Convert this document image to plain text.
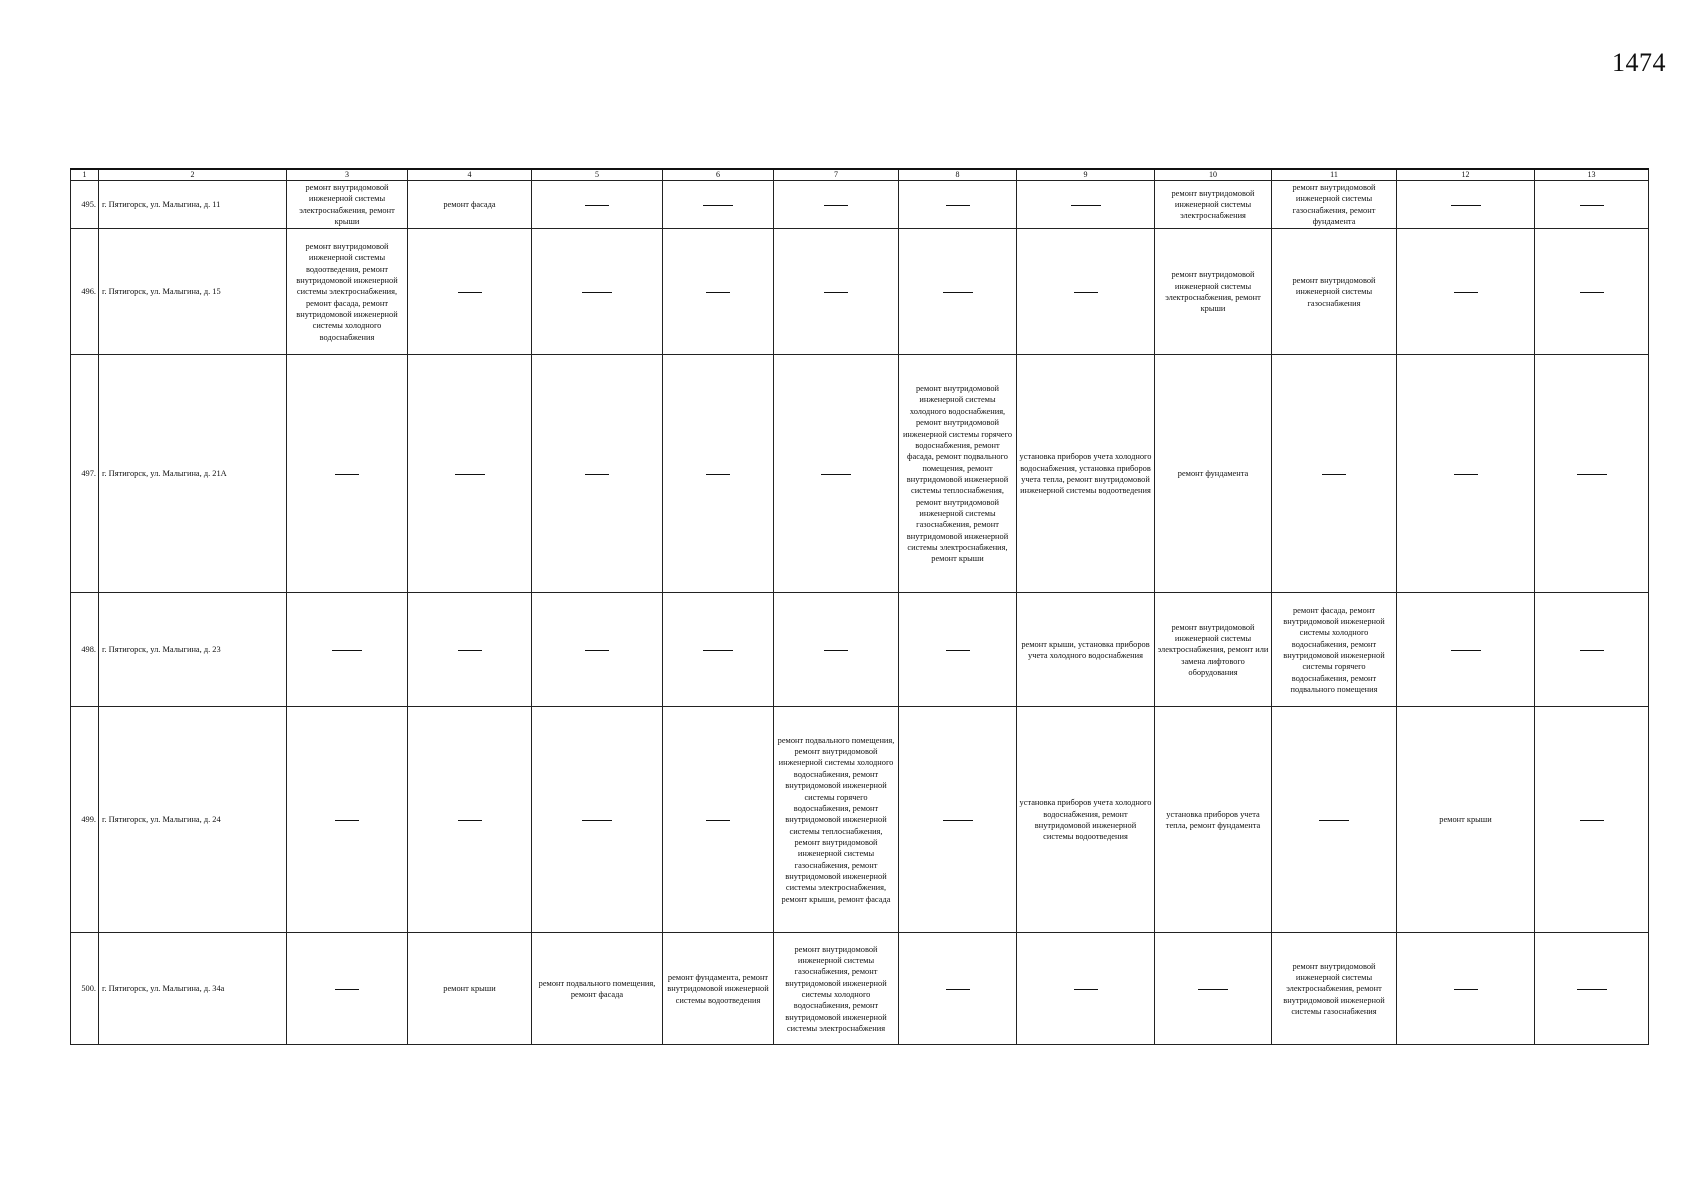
1474
1	2	3	4	5	6	7	8	9	10	11	12	13
495.	г. Пятигорск, ул. Малыгина, д. 11	ремонт внутридомовой инженерной системы электроснабжения, ремонт крыши	ремонт фасада						ремонт внутридомовой инженерной системы электроснабжения	ремонт внутридомовой инженерной системы газоснабжения, ремонт фундамента		
496.	г. Пятигорск, ул. Малыгина, д. 15	ремонт внутридомовой инженерной системы водоотведения, ремонт внутридомовой инженерной системы электроснабжения, ремонт фасада, ремонт внутридомовой инженерной системы холодного водоснабжения							ремонт внутридомовой инженерной системы электроснабжения, ремонт крыши	ремонт внутридомовой инженерной системы газоснабжения		
497.	г. Пятигорск, ул. Малыгина, д. 21А						ремонт внутридомовой инженерной системы холодного водоснабжения, ремонт внутридомовой инженерной системы горячего водоснабжения, ремонт фасада, ремонт подвального помещения, ремонт внутридомовой инженерной системы теплоснабжения, ремонт внутридомовой инженерной системы газоснабжения, ремонт внутридомовой инженерной системы электроснабжения, ремонт крыши	установка приборов учета холодного водоснабжения, установка приборов учета тепла, ремонт внутридомовой инженерной системы водоотведения	ремонт фундамента			
498.	г. Пятигорск, ул. Малыгина, д. 23							ремонт крыши, установка приборов учета холодного водоснабжения	ремонт внутридомовой инженерной системы электроснабжения, ремонт или замена лифтового оборудования	ремонт фасада, ремонт внутридомовой инженерной системы холодного водоснабжения, ремонт внутридомовой инженерной системы горячего водоснабжения, ремонт подвального помещения		
499.	г. Пятигорск, ул. Малыгина, д. 24					ремонт подвального помещения, ремонт внутридомовой инженерной системы холодного водоснабжения, ремонт внутридомовой инженерной системы горячего водоснабжения, ремонт внутридомовой инженерной системы теплоснабжения, ремонт внутридомовой инженерной системы газоснабжения, ремонт внутридомовой инженерной системы электроснабжения, ремонт крыши, ремонт фасада		установка приборов учета холодного водоснабжения, ремонт внутридомовой инженерной системы водоотведения	установка приборов учета тепла, ремонт фундамента		ремонт крыши	
500.	г. Пятигорск, ул. Малыгина, д. 34а		ремонт крыши	ремонт подвального помещения, ремонт фасада	ремонт фундамента, ремонт внутридомовой инженерной системы водоотведения	ремонт внутридомовой инженерной системы газоснабжения, ремонт внутридомовой инженерной системы холодного водоснабжения, ремонт внутридомовой инженерной системы электроснабжения				ремонт внутридомовой инженерной системы электроснабжения, ремонт внутридомовой инженерной системы газоснабжения		
